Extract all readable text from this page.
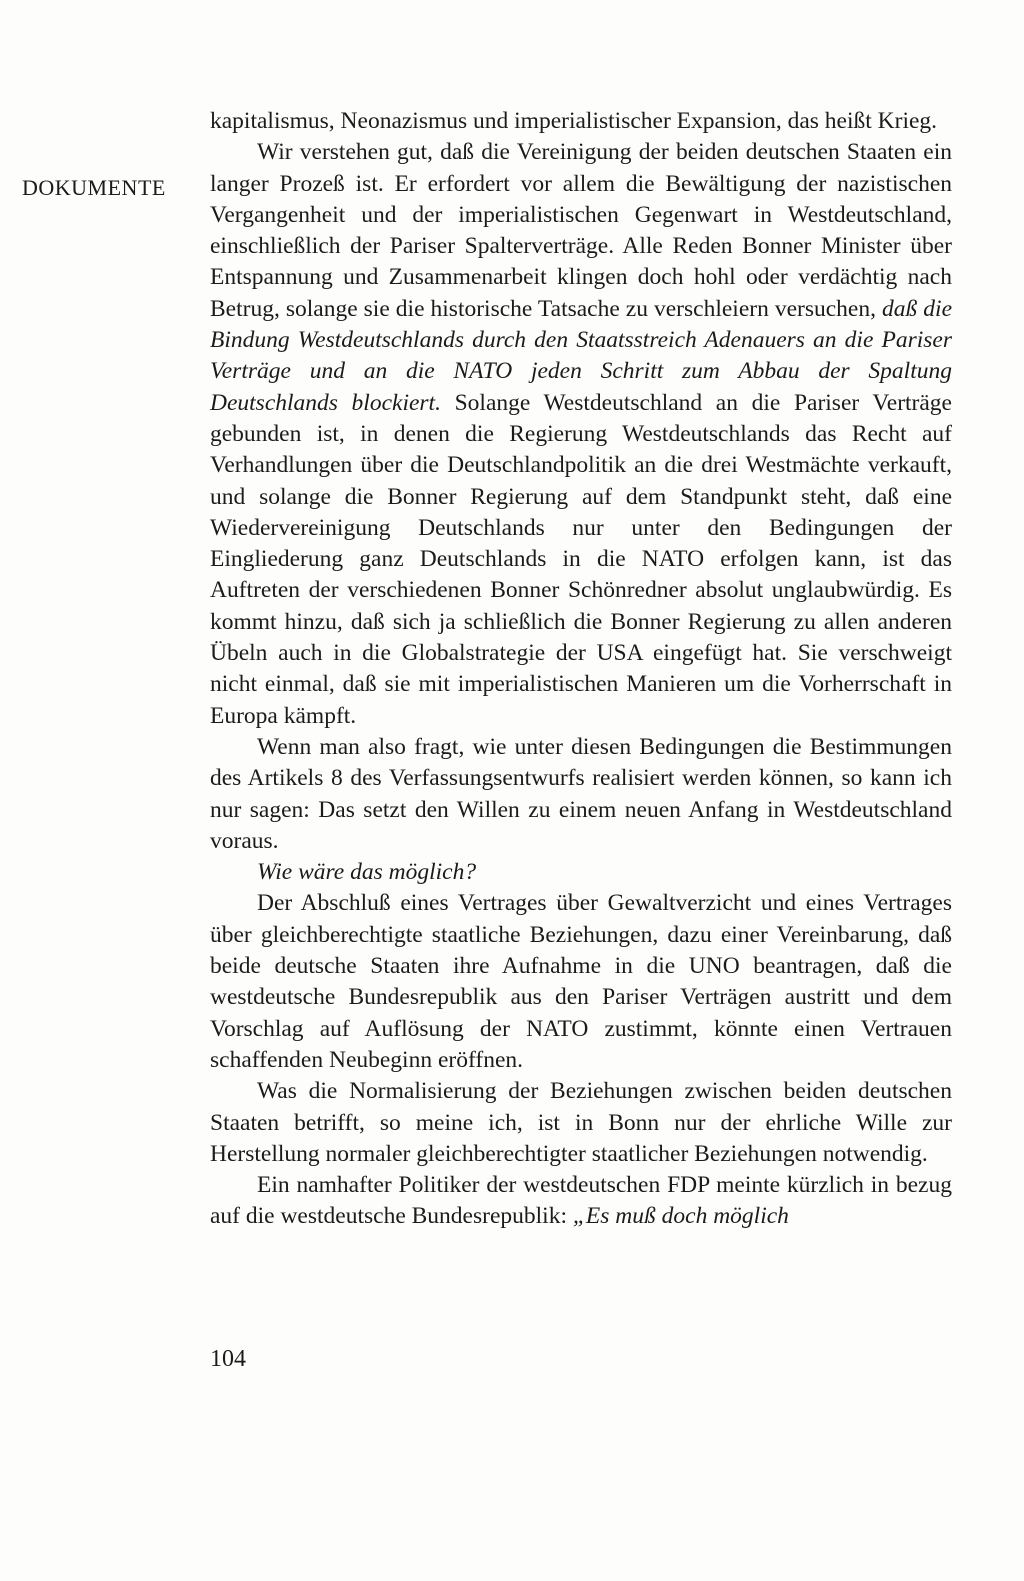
DOKUMENTE

kapitalismus, Neonazismus und imperialistischer Expansion, das heißt Krieg.

Wir verstehen gut, daß die Vereinigung der beiden deutschen Staaten ein langer Prozeß ist. Er erfordert vor allem die Bewältigung der nazistischen Vergangenheit und der imperialistischen Gegenwart in Westdeutschland, einschließlich der Pariser Spalterverträge. Alle Reden Bonner Minister über Entspannung und Zusammenarbeit klingen doch hohl oder verdächtig nach Betrug, solange sie die historische Tatsache zu verschleiern versuchen, daß die Bindung Westdeutschlands durch den Staatsstreich Adenauers an die Pariser Verträge und an die NATO jeden Schritt zum Abbau der Spaltung Deutschlands blockiert. Solange Westdeutschland an die Pariser Verträge gebunden ist, in denen die Regierung Westdeutschlands das Recht auf Verhandlungen über die Deutschlandpolitik an die drei Westmächte verkauft, und solange die Bonner Regierung auf dem Standpunkt steht, daß eine Wiedervereinigung Deutschlands nur unter den Bedingungen der Eingliederung ganz Deutschlands in die NATO erfolgen kann, ist das Auftreten der verschiedenen Bonner Schönredner absolut unglaubwürdig. Es kommt hinzu, daß sich ja schließlich die Bonner Regierung zu allen anderen Übeln auch in die Globalstrategie der USA eingefügt hat. Sie verschweigt nicht einmal, daß sie mit imperialistischen Manieren um die Vorherrschaft in Europa kämpft.

Wenn man also fragt, wie unter diesen Bedingungen die Bestimmungen des Artikels 8 des Verfassungsentwurfs realisiert werden können, so kann ich nur sagen: Das setzt den Willen zu einem neuen Anfang in Westdeutschland voraus.

Wie wäre das möglich?

Der Abschluß eines Vertrages über Gewaltverzicht und eines Vertrages über gleichberechtigte staatliche Beziehungen, dazu einer Vereinbarung, daß beide deutsche Staaten ihre Aufnahme in die UNO beantragen, daß die westdeutsche Bundesrepublik aus den Pariser Verträgen austritt und dem Vorschlag auf Auflösung der NATO zustimmt, könnte einen Vertrauen schaffenden Neubeginn eröffnen.

Was die Normalisierung der Beziehungen zwischen beiden deutschen Staaten betrifft, so meine ich, ist in Bonn nur der ehrliche Wille zur Herstellung normaler gleichberechtigter staatlicher Beziehungen notwendig.

Ein namhafter Politiker der westdeutschen FDP meinte kürzlich in bezug auf die westdeutsche Bundesrepublik: „Es muß doch möglich

104
